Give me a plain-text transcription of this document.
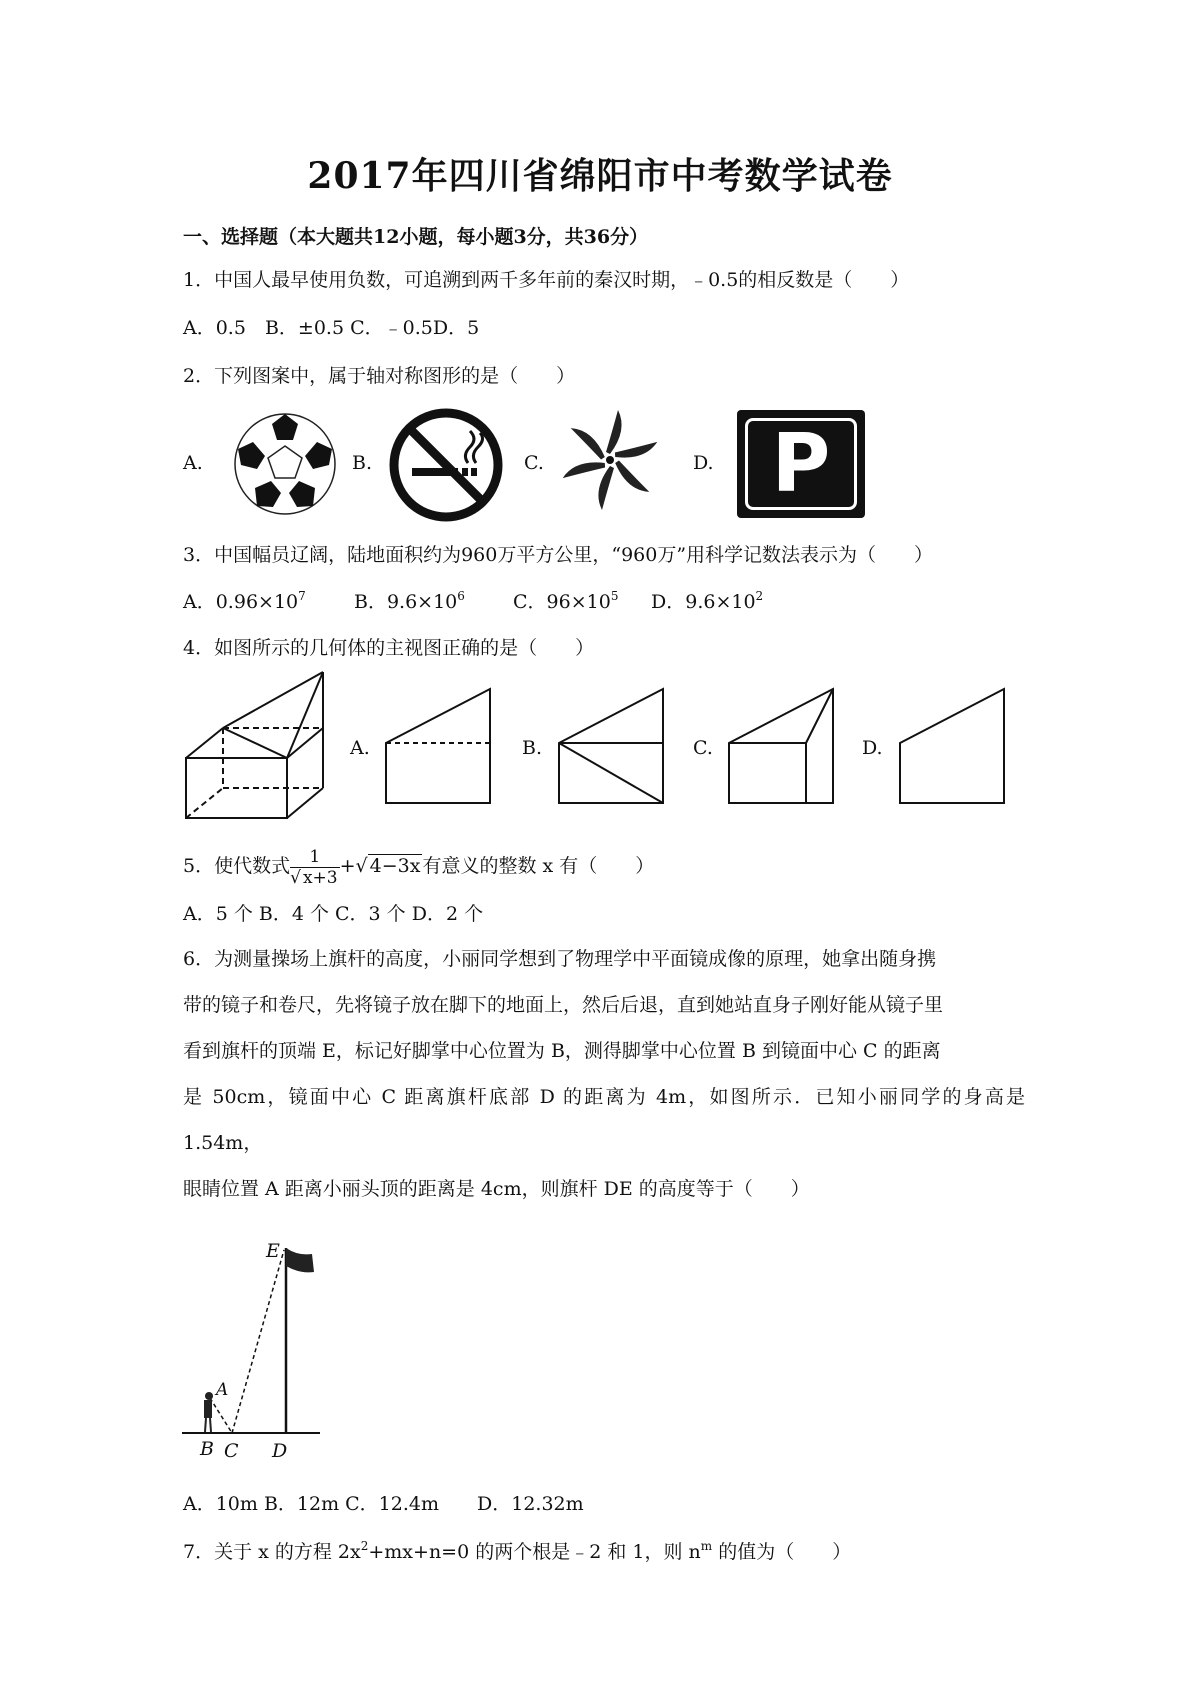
2017年四川省绵阳市中考数学试卷
一、选择题（本大题共12小题，每小题3分，共36分）
1．中国人最早使用负数，可追溯到两千多年前的秦汉时期，﹣0.5的相反数是（　　）
A．0.5　B．±0.5 C．﹣0.5D．5
2．下列图案中，属于轴对称图形的是（　　）
A.	B.	C.	D. P
3．中国幅员辽阔，陆地面积约为960万平方公里，“960万”用科学记数法表示为（　　）
A．$0.96\times 10^7$	B．$9.6\times 10^6$	C．$96\times 10^5$ D．$9.6\times 10^2$
4．如图所示的几何体的主视图正确的是（　　）
A.	B.	C.	D.
5．使代数式 $\frac{1}{√ x+3}$ +√ 4−3x 有意义的整数 x 有（　　）
A．5 个 B．4 个 C．3 个 D．2 个
6．为测量操场上旗杆的高度，小丽同学想到了物理学中平面镜成像的原理，她拿出随身携
带的镜子和卷尺，先将镜子放在脚下的地面上，然后后退，直到她站直身子刚好能从镜子里
看到旗杆的顶端 E，标记好脚掌中心位置为 B，测得脚掌中心位置 B 到镜面中心 C 的距离
是 50cm，镜面中心 C 距离旗杆底部 D 的距离为 4m，如图所示．已知小丽同学的身高是 1.54m，
眼睛位置 A 距离小丽头顶的距离是 4cm，则旗杆 DE 的高度等于（　　）
E
A
B C D
A．10m B．12m C．12.4m　　D．12.32m
7．关于 x 的方程 $2x^2+mx+n=0$ 的两个根是﹣2 和 1，则 $n^m$ 的值为（　　）
